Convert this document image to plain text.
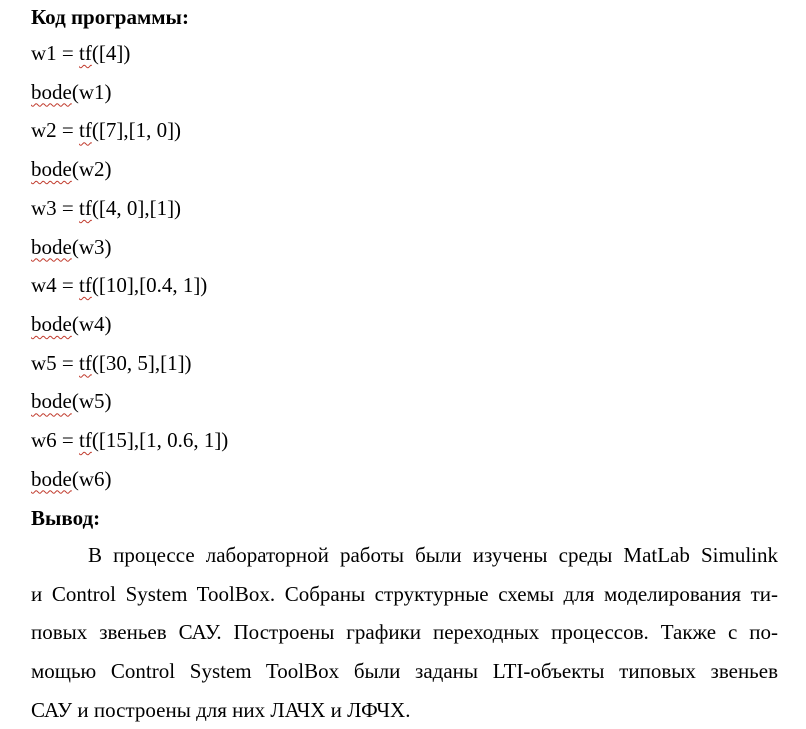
Код программы:
w1 = tf([4])
bode(w1)
w2 = tf([7],[1, 0])
bode(w2)
w3 = tf([4, 0],[1])
bode(w3)
w4 = tf([10],[0.4, 1])
bode(w4)
w5 = tf([30, 5],[1])
bode(w5)
w6 = tf([15],[1, 0.6, 1])
bode(w6)
Вывод:
В процессе лабораторной работы были изучены среды MatLab Simulink
и Control System ToolBox. Собраны структурные схемы для моделирования ти-
повых звеньев САУ. Построены графики переходных процессов. Также с по-
мощью Control System ToolBox были заданы LTI-объекты типовых звеньев
САУ и построены для них ЛАЧХ и ЛФЧХ.
